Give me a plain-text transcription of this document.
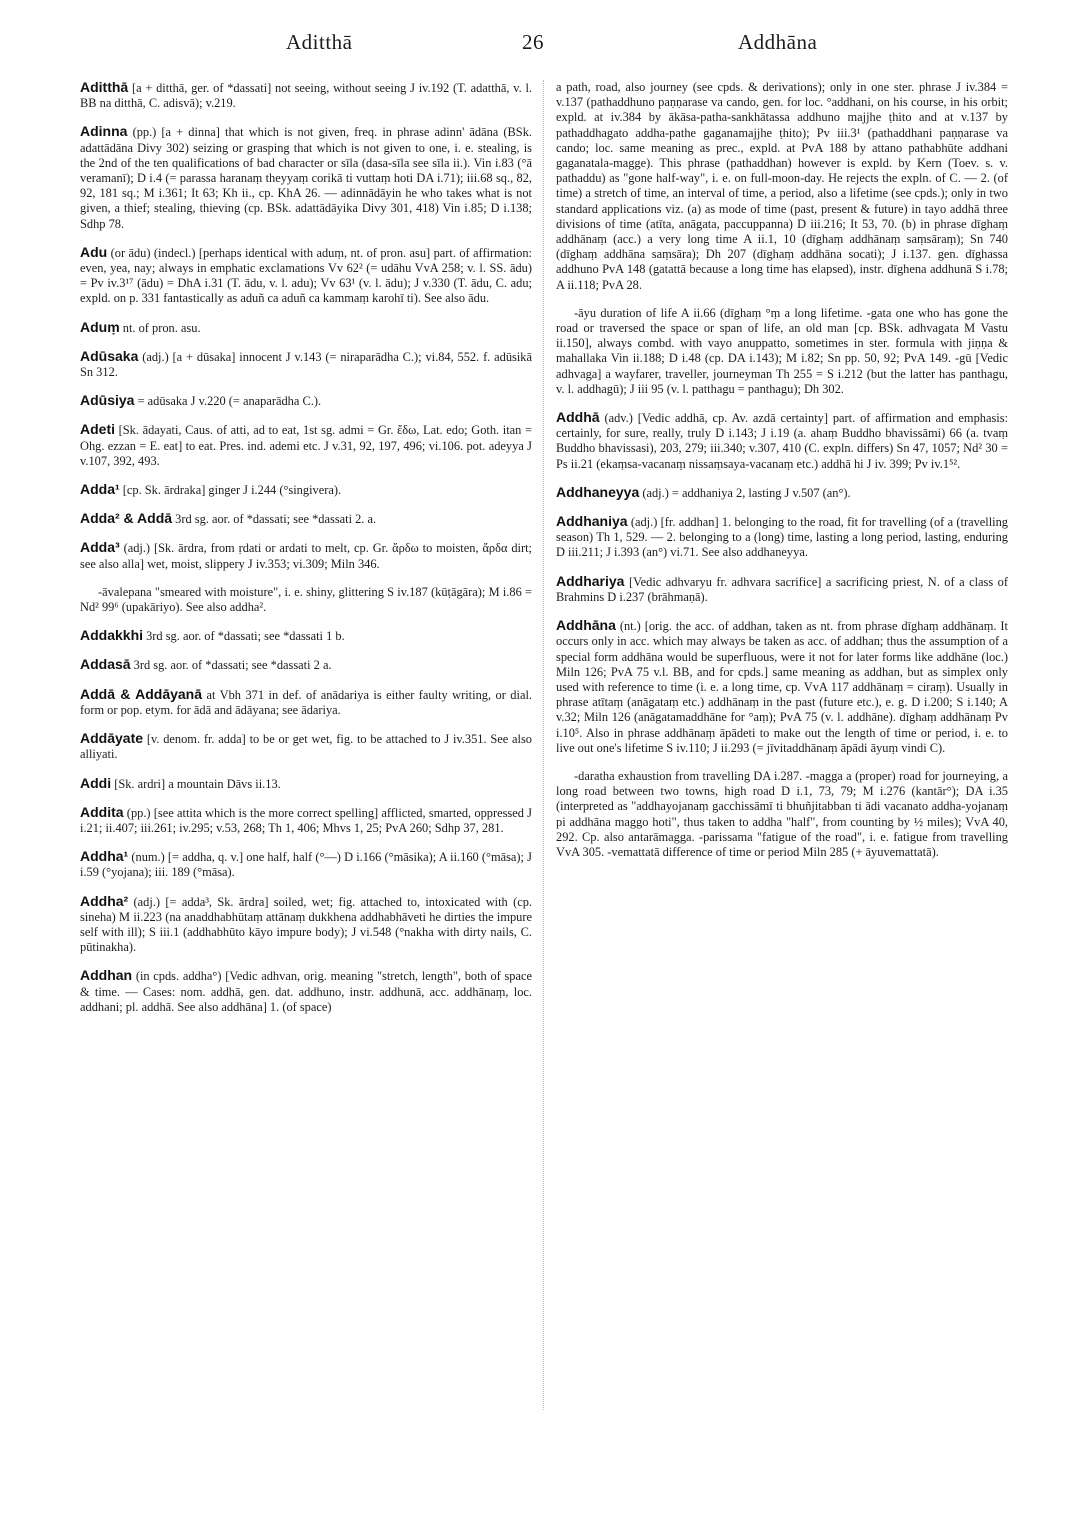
Aditthā	26	Addhāna

Aditthā [a + ditthā, ger. of *dassati] not seeing, without seeing J iv.192 (T. adatthā, v. l. BB na ditthā, C. adisvā); v.219.

Adinna (pp.) [a + dinna] that which is not given, freq. in phrase adinn' ādāna (BSk. adattādāna Divy 302) seizing or grasping that which is not given to one, i. e. stealing, is the 2nd of the ten qualifications of bad character or sīla (dasa-sīla see sīla ii.). Vin i.83 (°ā veramanī); D i.4 (= parassa haranaṃ theyyaṃ corikā ti vuttaṃ hoti DA i.71); iii.68 sq., 82, 92, 181 sq.; M i.361; It 63; Kh ii., cp. KhA 26. — adinnādāyin he who takes what is not given, a thief; stealing, thieving (cp. BSk. adattādāyika Divy 301, 418) Vin i.85; D i.138; Sdhp 78.

Adu (or ādu) (indecl.) [perhaps identical with aduṃ, nt. of pron. asu] part. of affirmation: even, yea, nay; always in emphatic exclamations Vv 62² (= udāhu VvA 258; v. l. SS. ādu) = Pv iv.3¹⁷ (ādu) = DhA i.31 (T. ādu, v. l. adu); Vv 63¹ (v. l. ādu); J v.330 (T. ādu, C. adu; expld. on p. 331 fantastically as aduñ ca aduñ ca kammaṃ karohī ti). See also ādu.

Aduṃ nt. of pron. asu.

Adūsaka (adj.) [a + dūsaka] innocent J v.143 (= niraparādha C.); vi.84, 552. f. adūsikā Sn 312.

Adūsiya = adūsaka J v.220 (= anaparādha C.).

Adeti [Sk. ādayati, Caus. of atti, ad to eat, 1st sg. admi = Gr. ἔδω, Lat. edo; Goth. itan = Ohg. ezzan = E. eat] to eat. Pres. ind. ademi etc. J v.31, 92, 197, 496; vi.106. pot. adeyya J v.107, 392, 493.

Adda¹ [cp. Sk. ārdraka] ginger J i.244 (°singivera).

Adda² & Addā 3rd sg. aor. of *dassati; see *dassati 2. a.

Adda³ (adj.) [Sk. ārdra, from ṛdati or ardati to melt, cp. Gr. ἄρδω to moisten, ἄρδα dirt; see also alla] wet, moist, slippery J iv.353; vi.309; Miln 346.

-āvalepana "smeared with moisture", i. e. shiny, glittering S iv.187 (kūṭāgāra); M i.86 = Nd² 99⁶ (upakāriyo). See also addha².

Addakkhi 3rd sg. aor. of *dassati; see *dassati 1 b.

Addasā 3rd sg. aor. of *dassati; see *dassati 2 a.

Addā & Addāyanā at Vbh 371 in def. of anādariya is either faulty writing, or dial. form or pop. etym. for ādā and ādāyana; see ādariya.

Addāyate [v. denom. fr. adda] to be or get wet, fig. to be attached to J iv.351. See also alliyati.

Addi [Sk. ardri] a mountain Dāvs ii.13.

Addita (pp.) [see attita which is the more correct spelling] afflicted, smarted, oppressed J i.21; ii.407; iii.261; iv.295; v.53, 268; Th 1, 406; Mhvs 1, 25; PvA 260; Sdhp 37, 281.

Addha¹ (num.) [= addha, q. v.] one half, half (°—) D i.166 (°māsika); A ii.160 (°māsa); J i.59 (°yojana); iii. 189 (°māsa).

Addha² (adj.) [= adda³, Sk. ārdra] soiled, wet; fig. attached to, intoxicated with (cp. sineha) M ii.223 (na anaddhabhūtaṃ attānaṃ dukkhena addhabhāveti he dirties the impure self with ill); S iii.1 (addhabhūto kāyo impure body); J vi.548 (°nakha with dirty nails, C. pūtinakha).

Addhan (in cpds. addha°) [Vedic adhvan, orig. meaning "stretch, length", both of space & time. — Cases: nom. addhā, gen. dat. addhuno, instr. addhunā, acc. addhānaṃ, loc. addhani; pl. addhā. See also addhāna] 1. (of space)

a path, road, also journey (see cpds. & derivations); only in one ster. phrase J iv.384 = v.137 (pathaddhuno paṇṇarase va cando, gen. for loc. °addhani, on his course, in his orbit; expld. at iv.384 by ākāsa-patha-sankhātassa addhuno majjhe ṭhito and at v.137 by pathaddhagato addha-pathe gaganamajjhe ṭhito); Pv iii.3¹ (pathaddhani paṇṇarase va cando; loc. same meaning as prec., expld. at PvA 188 by attano pathabhūte addhani gaganatala-magge). This phrase (pathaddhan) however is expld. by Kern (Toev. s. v. pathaddu) as "gone half-way", i. e. on full-moon-day. He rejects the expln. of C. — 2. (of time) a stretch of time, an interval of time, a period, also a lifetime (see cpds.); only in two standard applications viz. (a) as mode of time (past, present & future) in tayo addhā three divisions of time (atīta, anāgata, paccuppanna) D iii.216; It 53, 70. (b) in phrase dīghaṃ addhānaṃ (acc.) a very long time A ii.1, 10 (dīghaṃ addhānaṃ saṃsāraṃ); Sn 740 (dīghaṃ addhāna saṃsāra); Dh 207 (dīghaṃ addhāna socati); J i.137. gen. dīghassa addhuno PvA 148 (gatattā because a long time has elapsed), instr. dīghena addhunā S i.78; A ii.118; PvA 28.

-āyu duration of life A ii.66 (dīghaṃ °ṃ a long lifetime. -gata one who has gone the road or traversed the space or span of life, an old man [cp. BSk. adhvagata M Vastu ii.150], always combd. with vayo anuppatto, sometimes in ster. formula with jiṇṇa & mahallaka Vin ii.188; D i.48 (cp. DA i.143); M i.82; Sn pp. 50, 92; PvA 149. -gū [Vedic adhvaga] a wayfarer, traveller, journeyman Th 255 = S i.212 (but the latter has panthagu, v. l. addhagū); J iii 95 (v. l. patthagu = panthagu); Dh 302.

Addhā (adv.) [Vedic addhā, cp. Av. azdā certainty] part. of affirmation and emphasis: certainly, for sure, really, truly D i.143; J i.19 (a. ahaṃ Buddho bhavissāmi) 66 (a. tvaṃ Buddho bhavissasi), 203, 279; iii.340; v.307, 410 (C. expln. differs) Sn 47, 1057; Nd² 30 = Ps ii.21 (ekaṃsa-vacanaṃ nissaṃsaya-vacanaṃ etc.) addhā hi J iv. 399; Pv iv.1⁵².

Addhaneyya (adj.) = addhaniya 2, lasting J v.507 (an°).

Addhaniya (adj.) [fr. addhan] 1. belonging to the road, fit for travelling (of a (travelling season) Th 1, 529. — 2. belonging to a (long) time, lasting a long period, lasting, enduring D iii.211; J i.393 (an°) vi.71. See also addhaneyya.

Addhariya [Vedic adhvaryu fr. adhvara sacrifice] a sacrificing priest, N. of a class of Brahmins D i.237 (brāhmaṇā).

Addhāna (nt.) [orig. the acc. of addhan, taken as nt. from phrase dīghaṃ addhānaṃ. It occurs only in acc. which may always be taken as acc. of addhan; thus the assumption of a special form addhāna would be superfluous, were it not for later forms like addhāne (loc.) Miln 126; PvA 75 v.l. BB, and for cpds.] same meaning as addhan, but as simplex only used with reference to time (i. e. a long time, cp. VvA 117 addhānaṃ = ciraṃ). Usually in phrase atītaṃ (anāgataṃ etc.) addhānaṃ in the past (future etc.), e. g. D i.200; S i.140; A v.32; Miln 126 (anāgatamaddhāne for °aṃ); PvA 75 (v. l. addhāne). dīghaṃ addhānaṃ Pv i.10⁵. Also in phrase addhānaṃ āpādeti to make out the length of time or period, i. e. to live out one's lifetime S iv.110; J ii.293 (= jīvitaddhānaṃ āpādi āyuṃ vindi C).

-daratha exhaustion from travelling DA i.287. -magga a (proper) road for journeying, a long road between two towns, high road D i.1, 73, 79; M i.276 (kantār°); DA i.35 (interpreted as "addhayojanaṃ gacchissāmī ti bhuñjitabban ti ādi vacanato addha-yojanaṃ pi addhāna maggo hoti", thus taken to addha "half", from counting by ½ miles); VvA 40, 292. Cp. also antarāmagga. -parissama "fatigue of the road", i. e. fatigue from travelling VvA 305. -vemattatā difference of time or period Miln 285 (+ āyuvemattatā).
